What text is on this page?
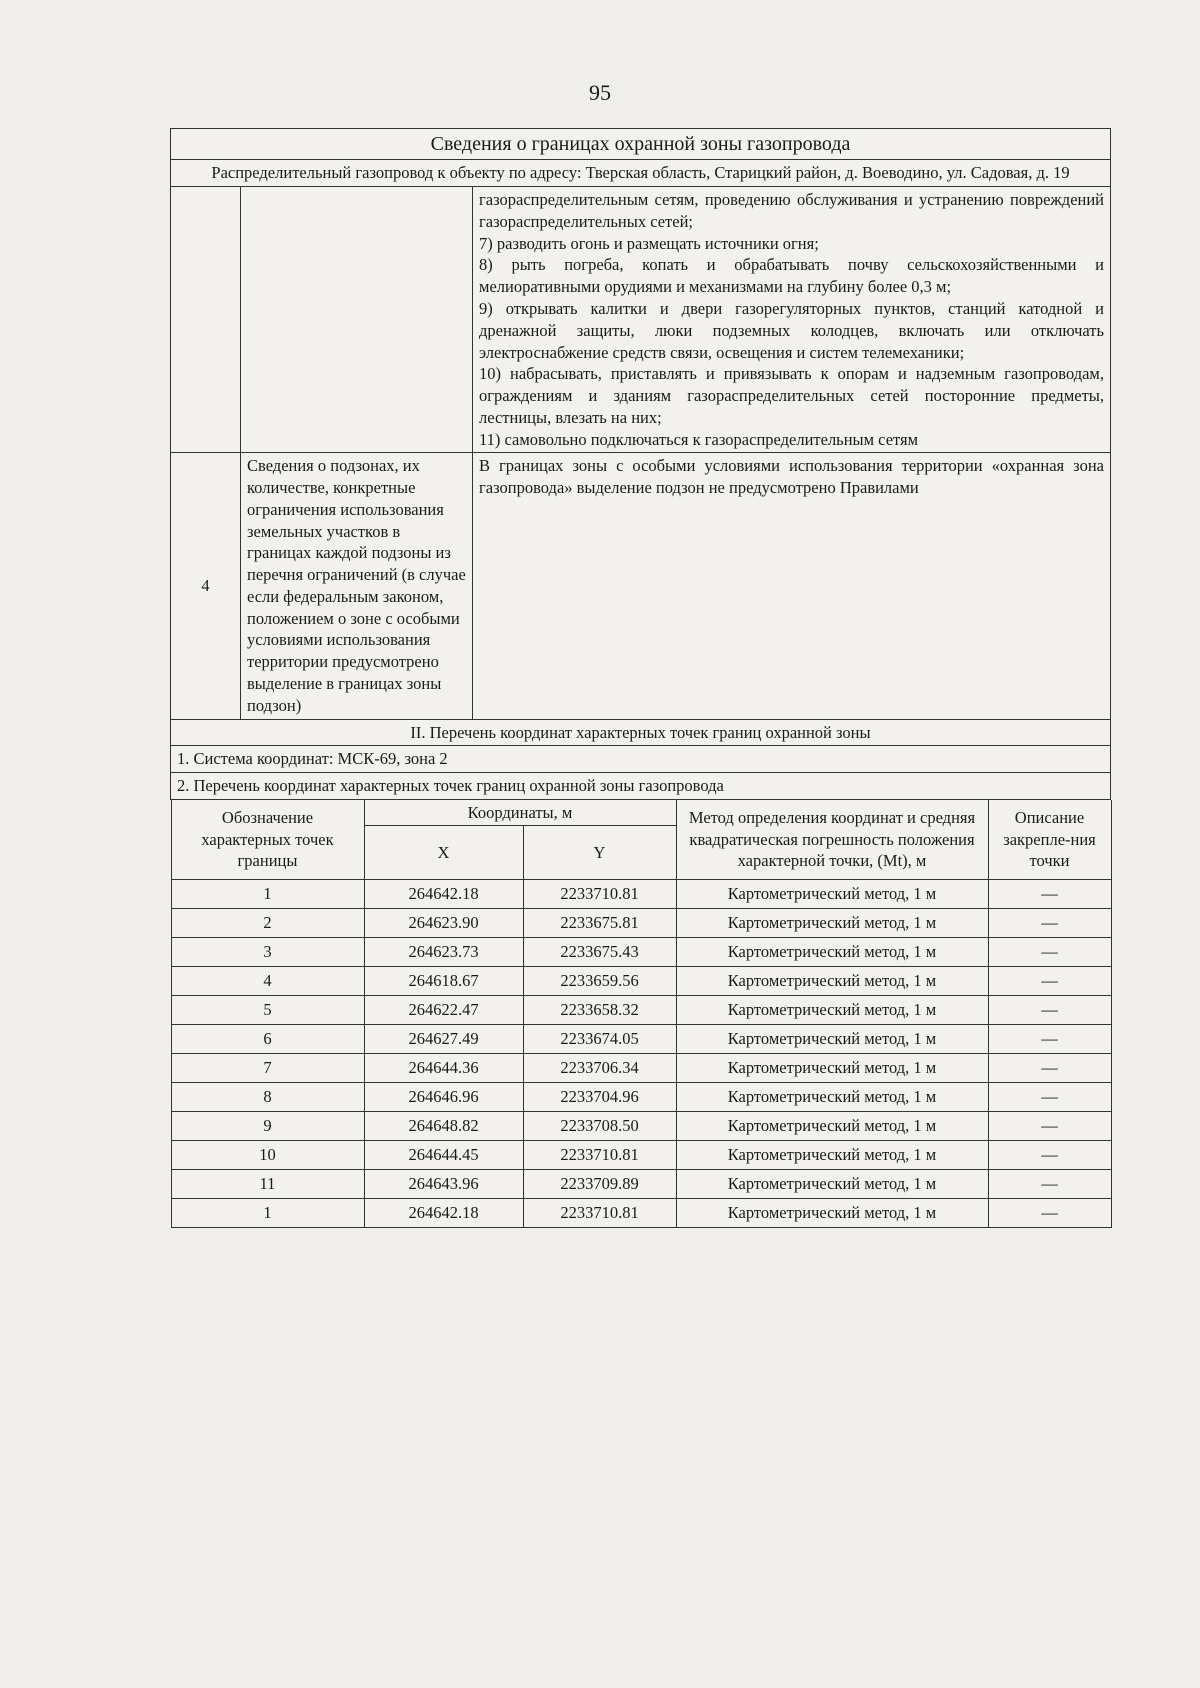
95
Сведения о границах охранной зоны газопровода
Распределительный газопровод к объекту по адресу: Тверская область, Старицкий район, д. Воеводино, ул. Садовая, д. 19

газораспределительным сетям, проведению обслуживания и устранению повреждений газораспределительных сетей;

7) разводить огонь и размещать источники огня;

8) рыть погреба, копать и обрабатывать почву сельскохозяйственными и мелиоративными орудиями и механизмами на глубину более 0,3 м;

9) открывать калитки и двери газорегуляторных пунктов, станций катодной и дренажной защиты, люки подземных колодцев, включать или отключать электроснабжение средств связи, освещения и систем телемеханики;

10) набрасывать, приставлять и привязывать к опорам и надземным газопроводам, ограждениям и зданиям газораспределительных сетей посторонние предметы, лестницы, влезать на них;

11) самовольно подключаться к газораспределительным сетям

4	Сведения о подзонах, их количестве, конкретные ограничения использования земельных участков в границах каждой подзоны из перечня ограничений (в случае если федеральным законом, положением о зоне с особыми условиями использования территории предусмотрено выделение в границах зоны подзон)	В границах зоны с особыми условиями использования территории «охранная зона газопровода» выделение подзон не предусмотрено Правилами
II. Перечень координат характерных точек границ охранной зоны
1. Система координат: МСК-69, зона 2
2. Перечень координат характерных точек границ охранной зоны газопровода

Обозначение характерных точек границы	Координаты, м	Метод определения координат и средняя квадратическая погрешность положения характерной точки, (Mt), м	Описание закрепле-ния точки
X	Y
1	264642.18	2233710.81	Картометрический метод, 1 м	—
2	264623.90	2233675.81	Картометрический метод, 1 м	—
3	264623.73	2233675.43	Картометрический метод, 1 м	—
4	264618.67	2233659.56	Картометрический метод, 1 м	—
5	264622.47	2233658.32	Картометрический метод, 1 м	—
6	264627.49	2233674.05	Картометрический метод, 1 м	—
7	264644.36	2233706.34	Картометрический метод, 1 м	—
8	264646.96	2233704.96	Картометрический метод, 1 м	—
9	264648.82	2233708.50	Картометрический метод, 1 м	—
10	264644.45	2233710.81	Картометрический метод, 1 м	—
11	264643.96	2233709.89	Картометрический метод, 1 м	—
1	264642.18	2233710.81	Картометрический метод, 1 м	—
